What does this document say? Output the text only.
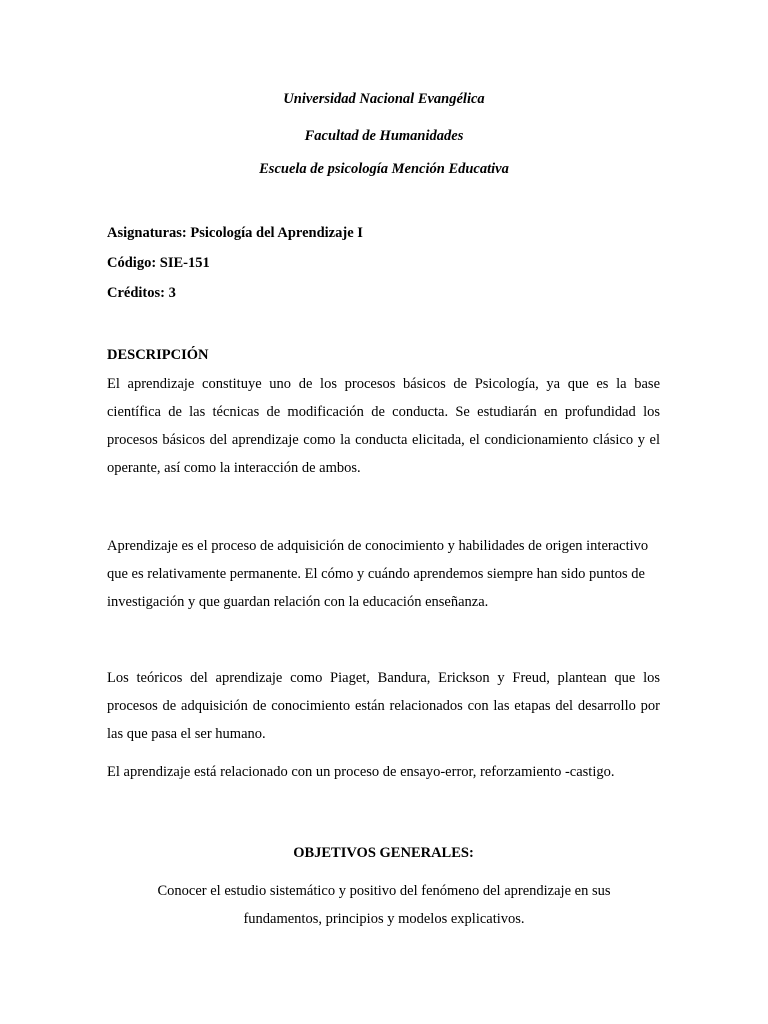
Universidad Nacional Evangélica
Facultad de Humanidades
Escuela de psicología Mención Educativa
Asignaturas: Psicología del Aprendizaje I
Código: SIE-151
Créditos: 3
DESCRIPCIÓN
El aprendizaje constituye uno de los procesos básicos de Psicología, ya que es la base científica de las técnicas de modificación de conducta. Se estudiarán en profundidad los procesos básicos del aprendizaje como la conducta elicitada, el condicionamiento clásico y el operante, así como la interacción de ambos.
Aprendizaje es el proceso de adquisición de conocimiento y habilidades de origen interactivo que es relativamente permanente. El cómo y cuándo aprendemos siempre han sido puntos de investigación y que guardan relación con la educación enseñanza.
Los teóricos del aprendizaje como Piaget, Bandura, Erickson y Freud, plantean que los procesos de adquisición de conocimiento están relacionados con las etapas del desarrollo por las que pasa el ser humano.
El aprendizaje está relacionado con un proceso de ensayo-error, reforzamiento -castigo.
OBJETIVOS GENERALES:
Conocer el estudio sistemático y positivo del fenómeno del aprendizaje en sus fundamentos, principios y modelos explicativos.
